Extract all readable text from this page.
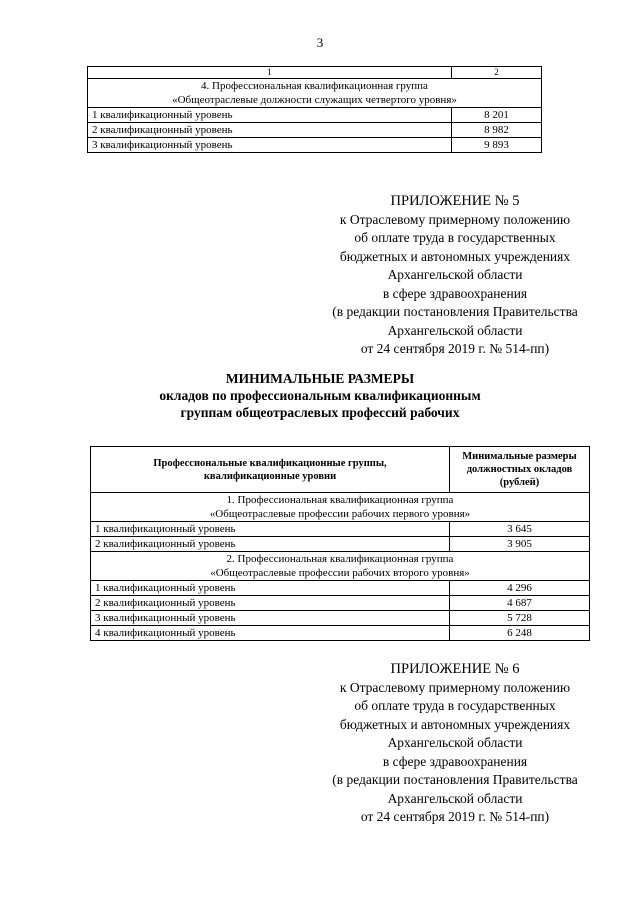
3
1	2

4. Профессиональная квалификационная группа
«Общеотраслевые должности служащих четвертого уровня»	

1 квалификационный уровень	8 201
2 квалификационный уровень	8 982
3 квалификационный уровень	9 893
ПРИЛОЖЕНИЕ № 5
к Отраслевому примерному положению
об оплате труда в государственных
бюджетных и автономных учреждениях
Архангельской области
в сфере здравоохранения
(в редакции постановления Правительства
Архангельской области
от 24 сентября 2019 г. № 514-пп)
МИНИМАЛЬНЫЕ РАЗМЕРЫ
окладов по профессиональным квалификационным
группам общеотраслевых профессий рабочих
Профессиональные квалификационные группы,
квалификационные уровни	Минимальные размеры
должностных окладов
(рублей)

1. Профессиональная квалификационная группа
«Общеотраслевые профессии рабочих первого уровня»	

1 квалификационный уровень	3 645
2 квалификационный уровень	3 905

2. Профессиональная квалификационная группа
«Общеотраслевые профессии рабочих второго уровня»	

1 квалификационный уровень	4 296
2 квалификационный уровень	4 687
3 квалификационный уровень	5 728
4 квалификационный уровень	6 248
ПРИЛОЖЕНИЕ № 6
к Отраслевому примерному положению
об оплате труда в государственных
бюджетных и автономных учреждениях
Архангельской области
в сфере здравоохранения
(в редакции постановления Правительства
Архангельской области
от 24 сентября 2019 г. № 514-пп)
